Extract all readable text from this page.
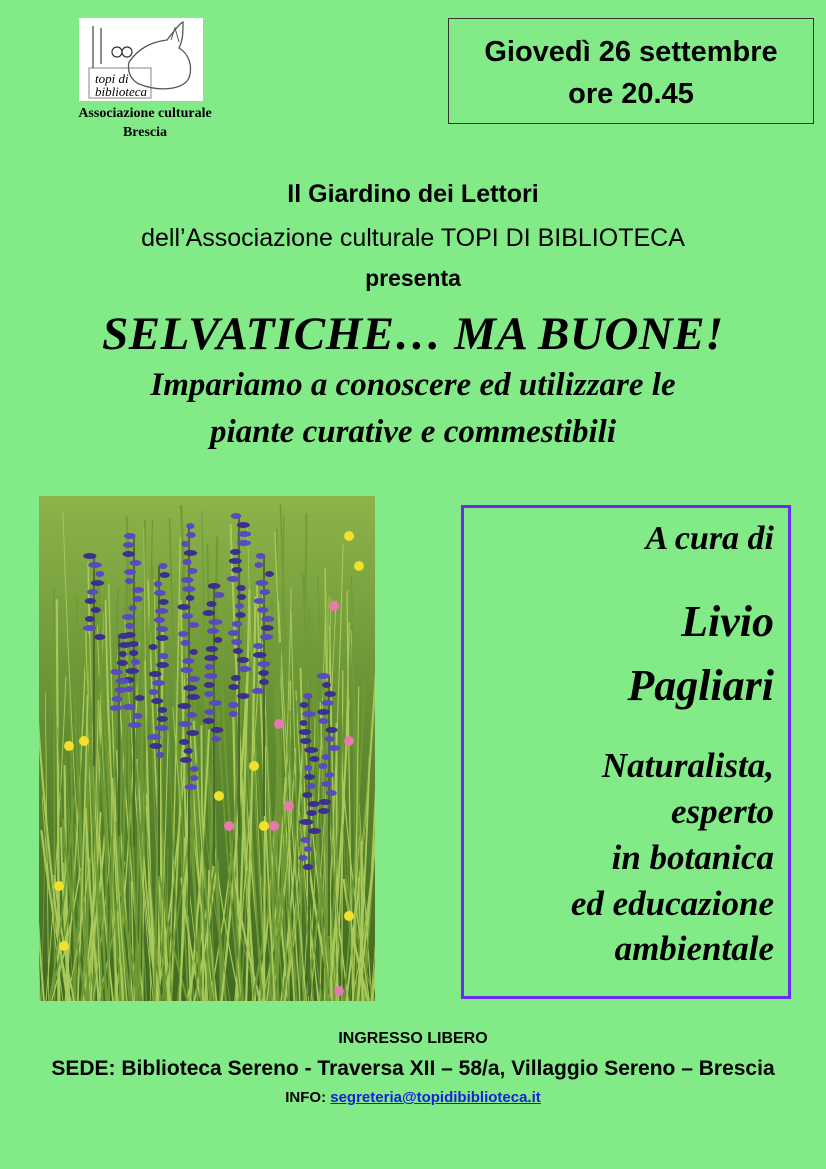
topi di
biblioteca
Associazione culturale
Brescia
Giovedì 26 settembre
ore 20.45
Il Giardino dei Lettori
dell’Associazione culturale TOPI DI BIBLIOTECA
presenta
SELVATICHE… MA BUONE!
Impariamo a conoscere ed utilizzare le
piante curative e commestibili
A cura di
Livio
Pagliari
Naturalista,
esperto
in botanica
ed educazione
ambientale
INGRESSO LIBERO
SEDE: Biblioteca Sereno - Traversa XII – 58/a, Villaggio Sereno – Brescia
INFO: segreteria@topidibiblioteca.it
